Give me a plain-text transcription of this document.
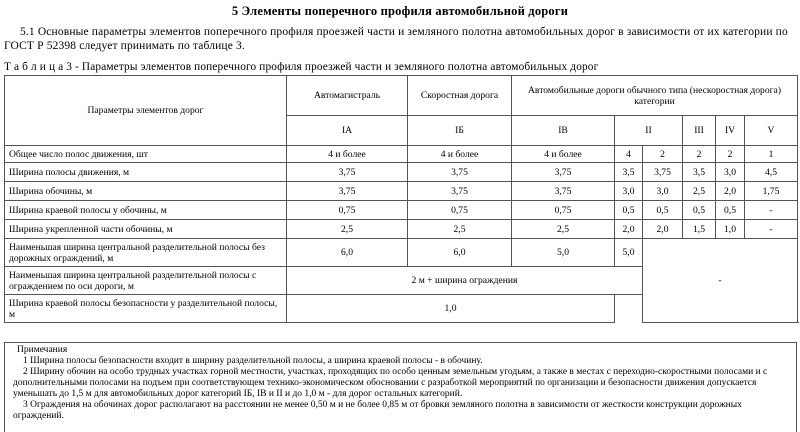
5 Элементы поперечного профиля автомобильной дороги
5.1 Основные параметры элементов поперечного профиля проезжей части и земляного полотна автомобильных дорог в зависимости от их категории по ГОСТ Р 52398 следует принимать по таблице 3.
Т а б л и ц а 3 - Параметры элементов поперечного профиля проезжей части и земляного полотна автомобильных дорог
Параметры элементов дорог	Автомагистраль	Скоростная дорога	Автомобильные дороги обычного типа (нескоростная дорога) категории					
	IA	IБ	IB	II		III	IV	V
Общее число полос движения, шт	4 и более	4 и более	4 и более	4	2	2	2	1
Ширина полосы движения, м	3,75	3,75	3,75	3,5	3,75	3,5	3,0	4,5
Ширина обочины, м	3,75	3,75	3,75	3,0	3,0	2,5	2,0	1,75
Ширина краевой полосы у обочины, м	0,75	0,75	0,75	0,5	0,5	0,5	0,5	-
Ширина укрепленной части обочины, м	2,5	2,5	2,5	2,0	2,0	1,5	1,0	-
Наименьшая ширина центральной разделительной полосы без дорожных ограждений, м	6,0	6,0	5,0	5,0	-			
Наименьшая ширина центральной разделительной полосы с ограждением по оси дороги, м	2 м + ширина ограждения							
Ширина краевой полосы безопасности у разделительной полосы, м	1,0							

Примечания

1 Ширина полосы безопасности входит в ширину разделительной полосы, а ширина краевой полосы - в обочину.

2 Ширину обочин на особо трудных участках горной местности, участках, проходящих по особо ценным земельным угодьям, а также в местах с переходно-скоростными полосами и с дополнительными полосами на подъем при соответствующем технико-экономическом обосновании с разработкой мероприятий по организации и безопасности движения допускается уменьшать до 1,5 м для автомобильных дорог категорий IБ, IB и II и до 1,0 м - для дорог остальных категорий.

3 Ограждения на обочинах дорог располагают на расстоянии не менее 0,50 м и не более 0,85 м от бровки земляного полотна в зависимости от жесткости конструкции дорожных ограждений.
